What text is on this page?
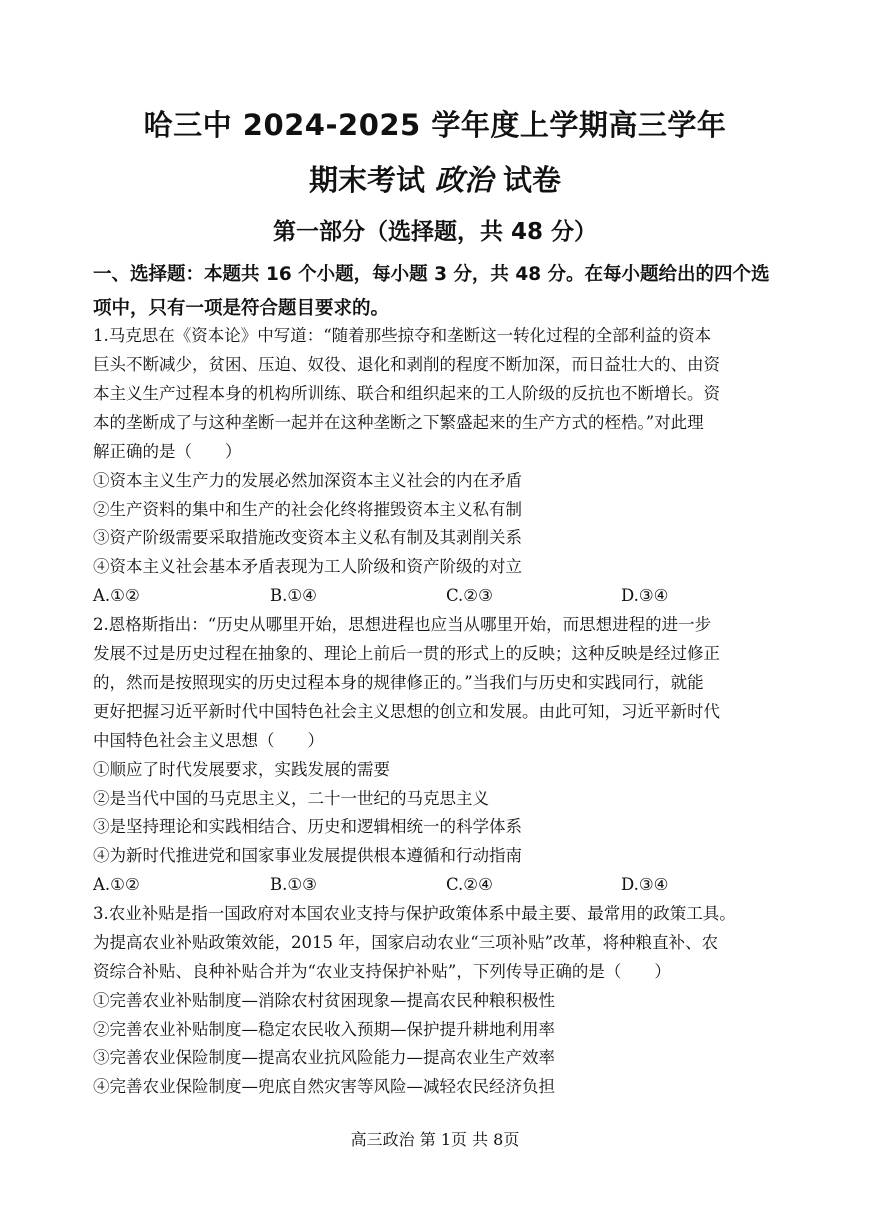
哈三中 2024-2025 学年度上学期高三学年
期末考试 政治 试卷
第一部分（选择题，共 48 分）
一、选择题：本题共 16 个小题，每小题 3 分，共 48 分。在每小题给出的四个选项中，只有一项是符合题目要求的。
1.马克思在《资本论》中写道：“随着那些掠夺和垄断这一转化过程的全部利益的资本
巨头不断减少，贫困、压迫、奴役、退化和剥削的程度不断加深，而日益壮大的、由资
本主义生产过程本身的机构所训练、联合和组织起来的工人阶级的反抗也不断增长。资
本的垄断成了与这种垄断一起并在这种垄断之下繁盛起来的生产方式的桎梏。”对此理
解正确的是（　　）
①资本主义生产力的发展必然加深资本主义社会的内在矛盾
②生产资料的集中和生产的社会化终将摧毁资本主义私有制
③资产阶级需要采取措施改变资本主义私有制及其剥削关系
④资本主义社会基本矛盾表现为工人阶级和资产阶级的对立
A.①②	B.①④	C.②③	D.③④
2.恩格斯指出：“历史从哪里开始，思想进程也应当从哪里开始，而思想进程的进一步
发展不过是历史过程在抽象的、理论上前后一贯的形式上的反映；这种反映是经过修正
的，然而是按照现实的历史过程本身的规律修正的。”当我们与历史和实践同行，就能
更好把握习近平新时代中国特色社会主义思想的创立和发展。由此可知，习近平新时代
中国特色社会主义思想（　　）
①顺应了时代发展要求，实践发展的需要
②是当代中国的马克思主义，二十一世纪的马克思主义
③是坚持理论和实践相结合、历史和逻辑相统一的科学体系
④为新时代推进党和国家事业发展提供根本遵循和行动指南
A.①②	B.①③	C.②④	D.③④
3.农业补贴是指一国政府对本国农业支持与保护政策体系中最主要、最常用的政策工具。
为提高农业补贴政策效能，2015 年，国家启动农业“三项补贴”改革，将种粮直补、农
资综合补贴、良种补贴合并为“农业支持保护补贴”，下列传导正确的是（　　）
①完善农业补贴制度—消除农村贫困现象—提高农民种粮积极性
②完善农业补贴制度—稳定农民收入预期—保护提升耕地利用率
③完善农业保险制度—提高农业抗风险能力—提高农业生产效率
④完善农业保险制度—兜底自然灾害等风险—减轻农民经济负担
高三政治 第 1页 共 8页
